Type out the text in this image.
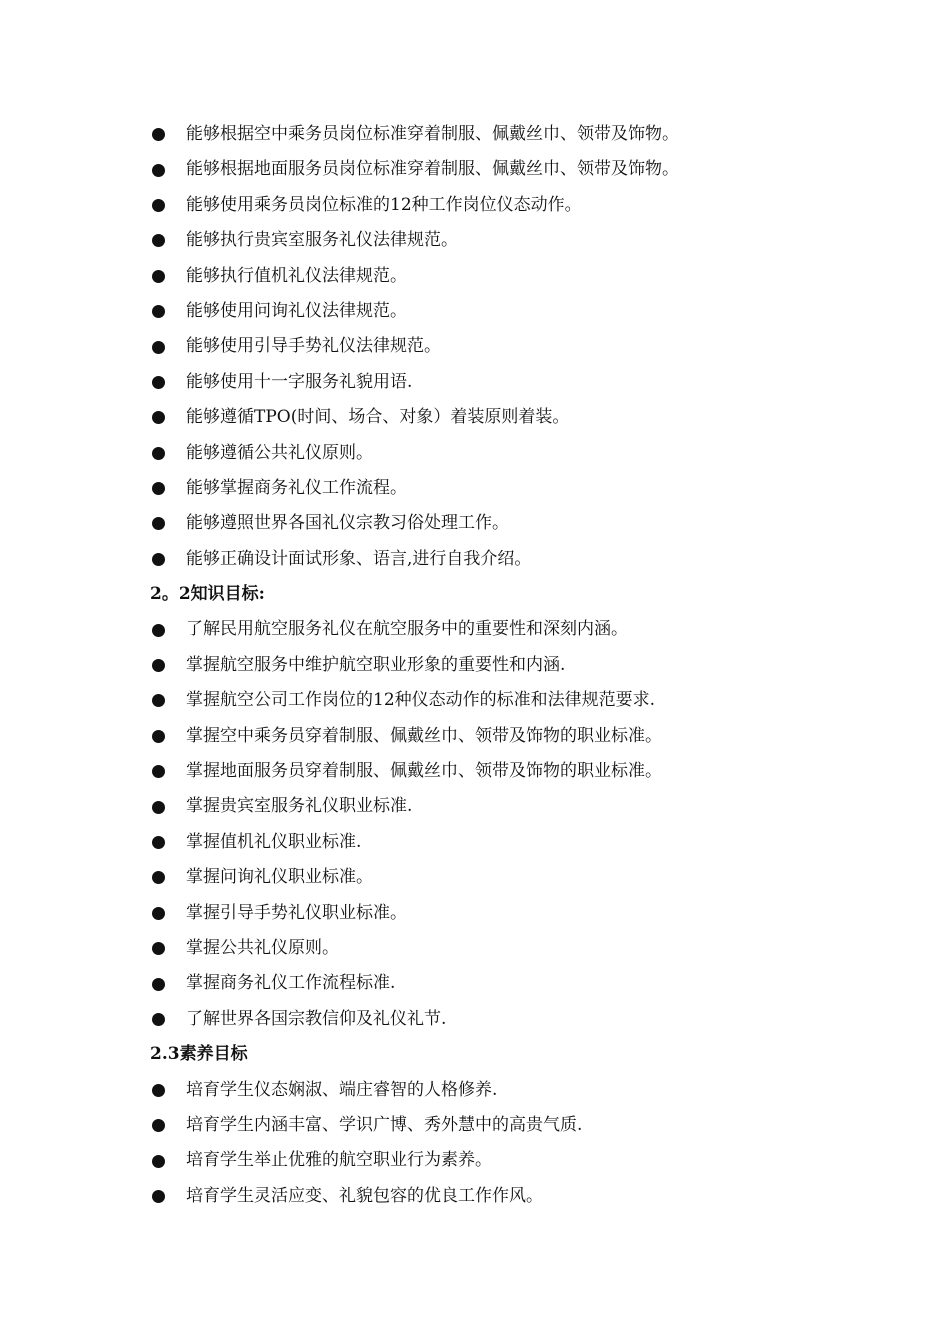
能够根据空中乘务员岗位标准穿着制服、佩戴丝巾、领带及饰物。
能够根据地面服务员岗位标准穿着制服、佩戴丝巾、领带及饰物。
能够使用乘务员岗位标准的12种工作岗位仪态动作。
能够执行贵宾室服务礼仪法律规范。
能够执行值机礼仪法律规范。
能够使用问询礼仪法律规范。
能够使用引导手势礼仪法律规范。
能够使用十一字服务礼貌用语.
能够遵循TPO(时间、场合、对象）着装原则着装。
能够遵循公共礼仪原则。
能够掌握商务礼仪工作流程。
能够遵照世界各国礼仪宗教习俗处理工作。
能够正确设计面试形象、语言,进行自我介绍。
2。2知识目标:
了解民用航空服务礼仪在航空服务中的重要性和深刻内涵。
掌握航空服务中维护航空职业形象的重要性和内涵.
掌握航空公司工作岗位的12种仪态动作的标准和法律规范要求.
掌握空中乘务员穿着制服、佩戴丝巾、领带及饰物的职业标准。
掌握地面服务员穿着制服、佩戴丝巾、领带及饰物的职业标准。
掌握贵宾室服务礼仪职业标准.
掌握值机礼仪职业标准.
掌握问询礼仪职业标准。
掌握引导手势礼仪职业标准。
掌握公共礼仪原则。
掌握商务礼仪工作流程标准.
了解世界各国宗教信仰及礼仪礼节.
2.3素养目标
培育学生仪态娴淑、端庄睿智的人格修养.
培育学生内涵丰富、学识广博、秀外慧中的高贵气质.
培育学生举止优雅的航空职业行为素养。
培育学生灵活应变、礼貌包容的优良工作作风。
